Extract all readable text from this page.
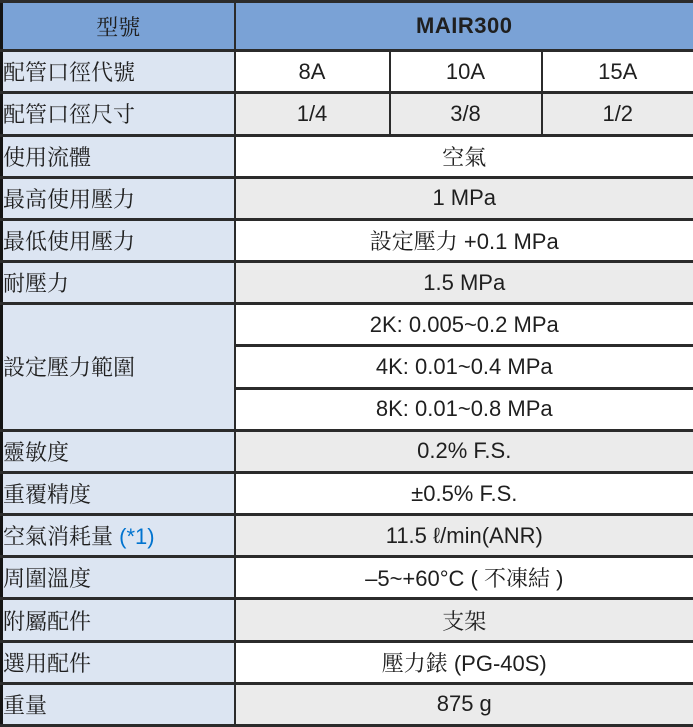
型號	MAIR300		
配管口徑代號	8A	10A	15A
配管口徑尺寸	1/4	3/8	1/2
使用流體	空氣		
最高使用壓力	1 MPa		
最低使用壓力	設定壓力 +0.1 MPa		
耐壓力	1.5 MPa		
設定壓力範圍	2K: 0.005~0.2 MPa		
	4K: 0.01~0.4 MPa		
	8K: 0.01~0.8 MPa		
靈敏度	0.2% F.S.		
重覆精度	±0.5% F.S.		
空氣消耗量 (*1)	11.5 ℓ/min(ANR)		
周圍溫度	–5~+60°C ( 不凍結 )		
附屬配件	支架		
選用配件	壓力錶 (PG-40S)		
重量	875 g		
